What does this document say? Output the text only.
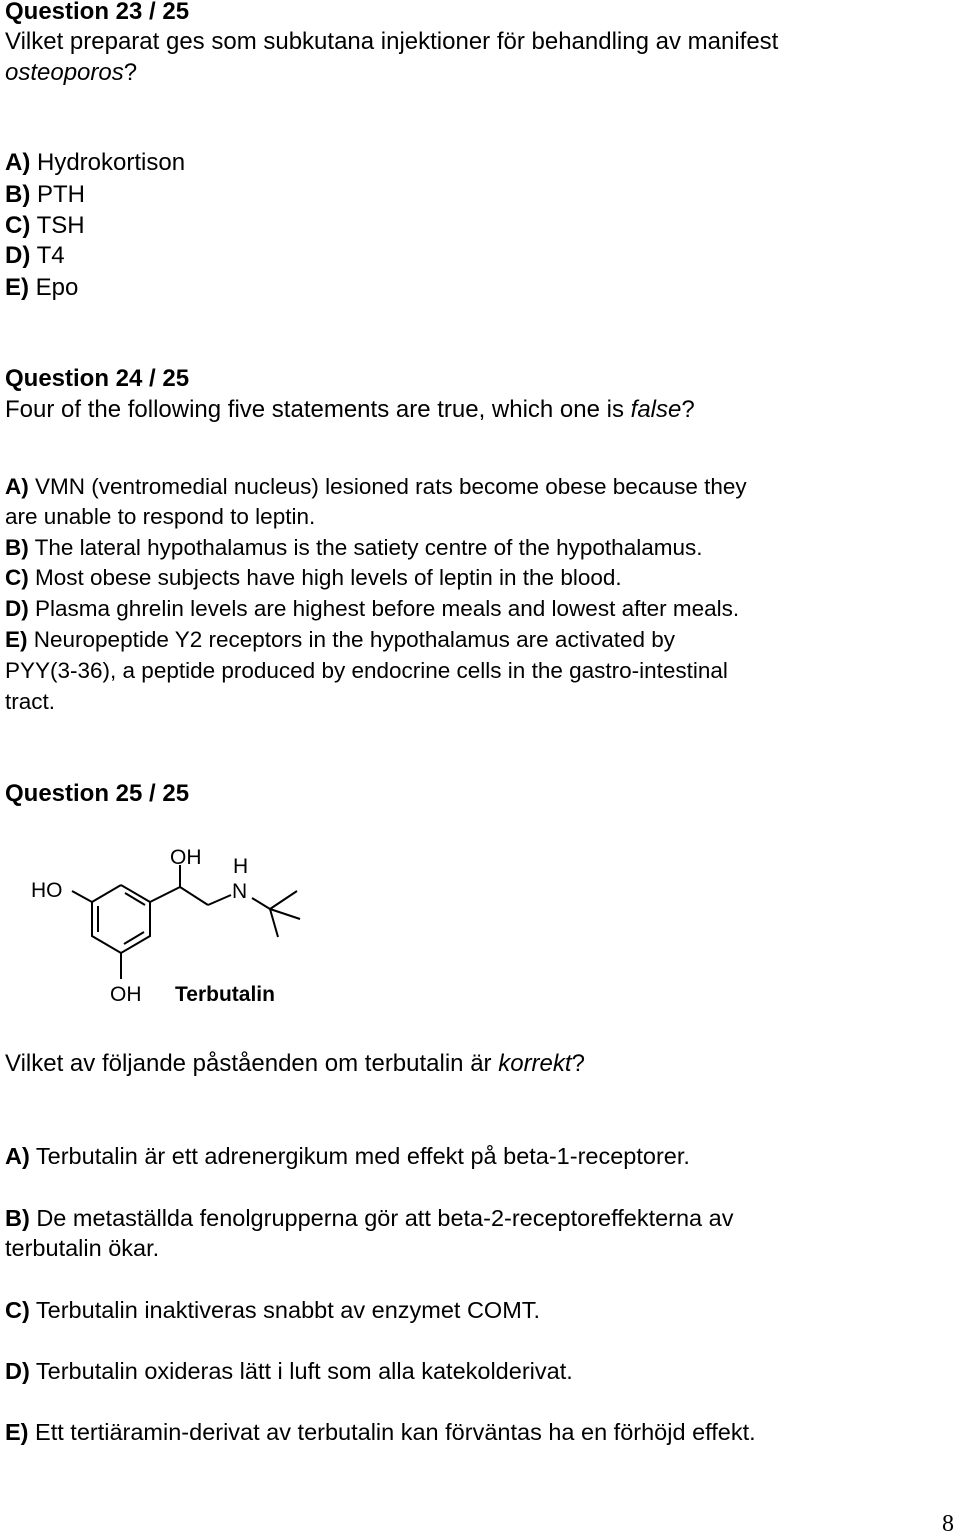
Question 23 / 25
Vilket preparat ges som subkutana injektioner för behandling av manifest
osteoporos?
A) Hydrokortison
B) PTH
C) TSH
D) T4
E) Epo
Question 24 / 25
Four of the following five statements are true, which one is false?
A) VMN (ventromedial nucleus) lesioned rats become obese because they
are unable to respond to leptin.
B) The lateral hypothalamus is the satiety centre of the hypothalamus.
C) Most obese subjects have high levels of leptin in the blood.
D) Plasma ghrelin levels are highest before meals and lowest after meals.
E) Neuropeptide Y2 receptors in the hypothalamus are activated by
PYY(3-36), a peptide produced by endocrine cells in the gastro-intestinal
tract.
Question 25 / 25
OH H
N
HO
OH Terbutalin
Vilket av följande påståenden om terbutalin är korrekt?
A) Terbutalin är ett adrenergikum med effekt på beta-1-receptorer.
B) De metaställda fenolgrupperna gör att beta-2-receptoreffekterna av
terbutalin ökar.
C) Terbutalin inaktiveras snabbt av enzymet COMT.
D) Terbutalin oxideras lätt i luft som alla katekolderivat.
E) Ett tertiäramin-derivat av terbutalin kan förväntas ha en förhöjd effekt.
8
